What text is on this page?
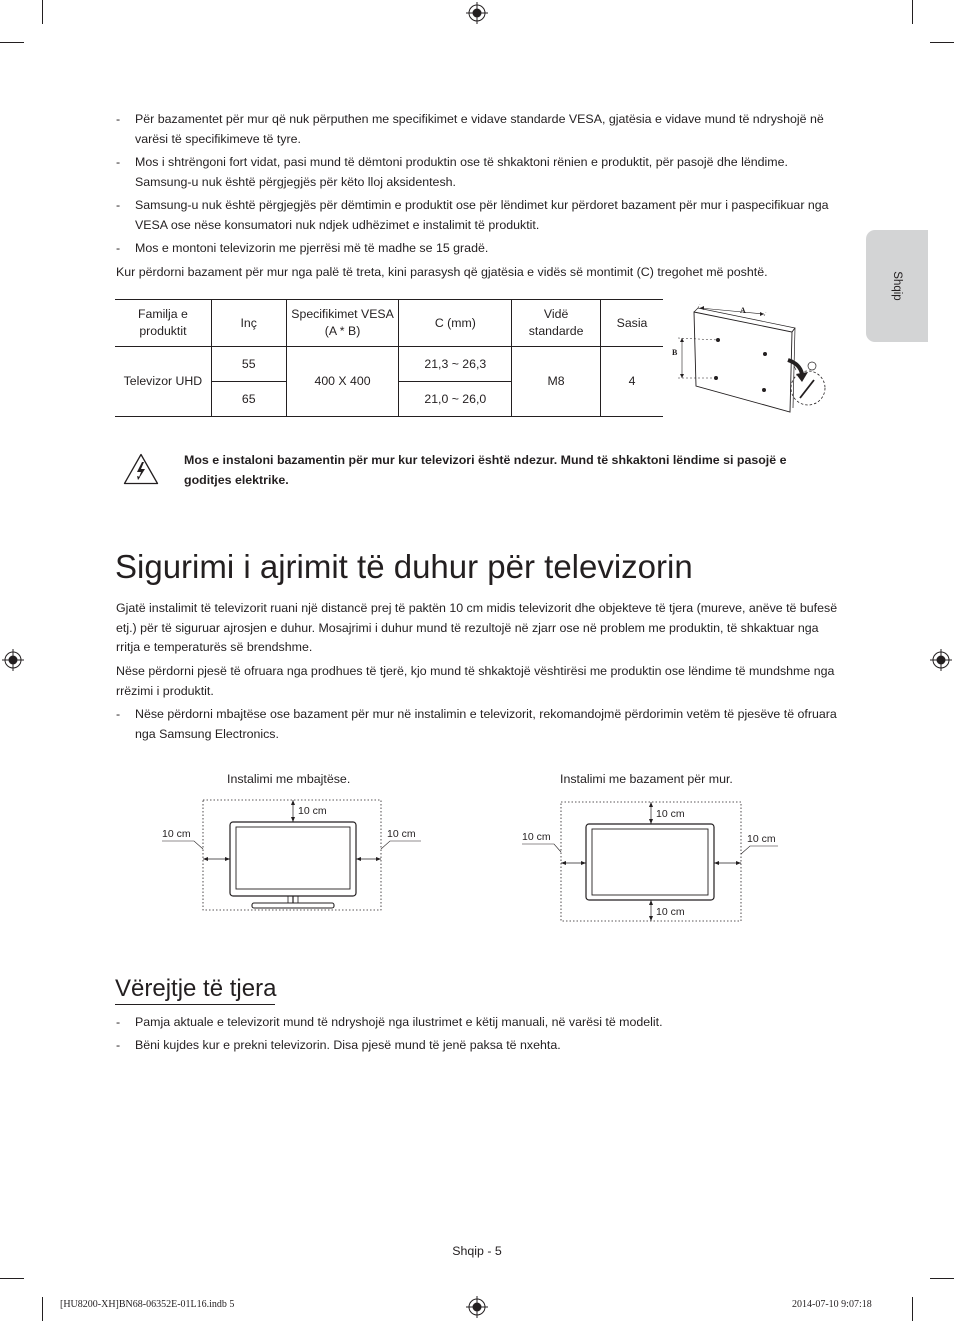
Shqip
- Për bazamentet për mur që nuk përputhen me specifikimet e vidave standarde VESA, gjatësia e vidave mund të ndryshojë në varësi të specifikimeve të tyre.
- Mos i shtrëngoni fort vidat, pasi mund të dëmtoni produktin ose të shkaktoni rënien e produktit, për pasojë dhe lëndime. Samsung-u nuk është përgjegjës për këto lloj aksidentesh.
- Samsung-u nuk është përgjegjës për dëmtimin e produktit ose për lëndimet kur përdoret bazament për mur i paspecifikuar nga VESA ose nëse konsumatori nuk ndjek udhëzimet e instalimit të produktit.
- Mos e montoni televizorin me pjerrësi më të madhe se 15 gradë.
Kur përdorni bazament për mur nga palë të treta, kini parasysh që gjatësia e vidës së montimit (C) tregohet më poshtë.
Familja e produktit	Inç	Specifikimet VESA (A * B)	C (mm)	Vidë standarde	Sasia
Televizor UHD	55	400 X 400	21,3 ~ 26,3	M8	4
	65		21,0 ~ 26,0		
A
B
Mos e instaloni bazamentin për mur kur televizori është ndezur. Mund të shkaktoni lëndime si pasojë e goditjes elektrike.
Sigurimi i ajrimit të duhur për televizorin
Gjatë instalimit të televizorit ruani një distancë prej të paktën 10 cm midis televizorit dhe objekteve të tjera (mureve, anëve të bufesë etj.) për të siguruar ajrosjen e duhur. Mosajrimi i duhur mund të rezultojë në zjarr ose në problem me produktin, të shkaktuar nga rritja e temperaturës së brendshme.
Nëse përdorni pjesë të ofruara nga prodhues të tjerë, kjo mund të shkaktojë vështirësi me produktin ose lëndime të mundshme nga rrëzimi i produktit.
- Nëse përdorni mbajtëse ose bazament për mur në instalimin e televizorit, rekomandojmë përdorimin vetëm të pjesëve të ofruara nga Samsung Electronics.
Instalimi me mbajtëse.	Instalimi me bazament për mur.
10 cm
10 cm	10 cm
10 cm
10 cm
10 cm	10 cm
Vërejtje të tjera
- Pamja aktuale e televizorit mund të ndryshojë nga ilustrimet e këtij manuali, në varësi të modelit.
- Bëni kujdes kur e prekni televizorin. Disa pjesë mund të jenë paksa të nxehta.
Shqip - 5
[HU8200-XH]BN68-06352E-01L16.indb 5	2014-07-10 9:07:18
